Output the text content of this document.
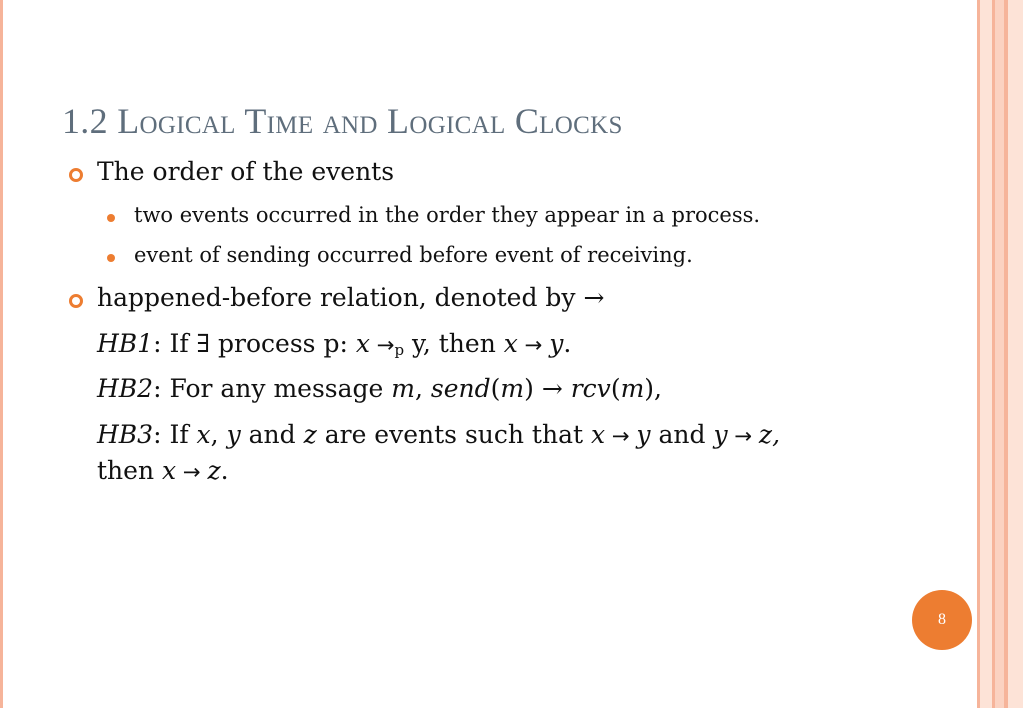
1.2 Logical Time and Logical Clocks
The order of the events
two events occurred in the order they appear in a process.
event of sending occurred before event of receiving.
happened-before relation, denoted by →
HB1: If ∃ process p: $x \to_p$ y, then x → y.
HB2: For any message m, send(m) → rcv(m),
HB3: If x, y and z are events such that x → y and y → z,
then x → z.
8
